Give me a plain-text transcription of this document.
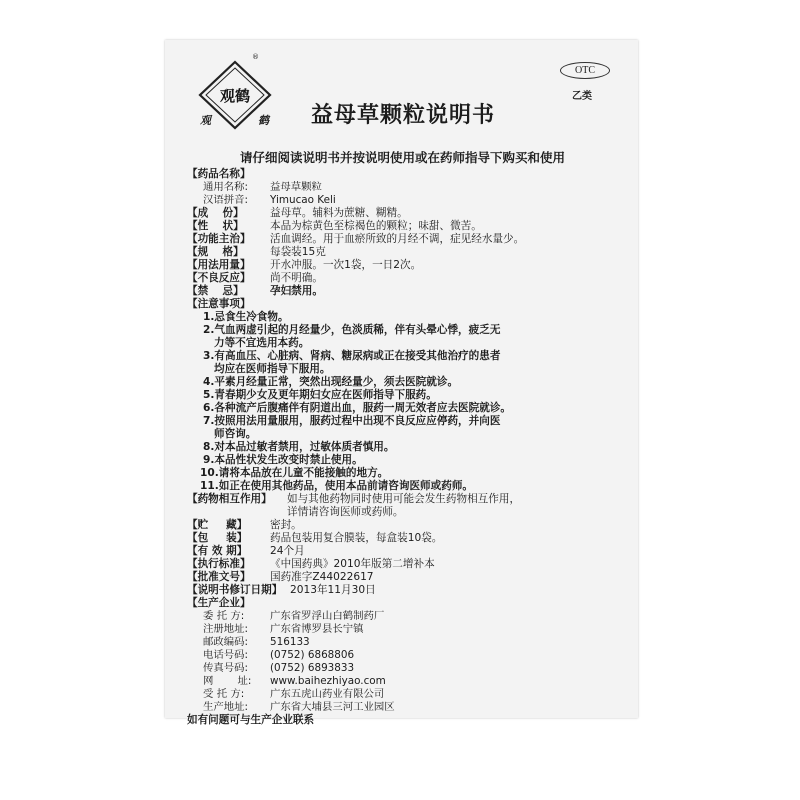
观鹤
®
观	鹤
OTC
乙类
益母草颗粒说明书
请仔细阅读说明书并按说明使用或在药师指导下购买和使用
【药品名称】
通用名称: 益母草颗粒
汉语拼音: Yimucao Keli
【成 　份】 益母草。辅料为蔗糖、糊精。
【性 　状】 本品为棕黄色至棕褐色的颗粒；味甜、微苦。
【功能主治】 活血调经。用于血瘀所致的月经不调，症见经水量少。
【规 　格】 每袋装15克
【用法用量】 开水冲服。一次1袋，一日2次。
【不良反应】 尚不明确。
【禁 　忌】 孕妇禁用。
【注意事项】
1.忌食生冷食物。
2.气血两虚引起的月经量少，色淡质稀，伴有头晕心悸，疲乏无
力等不宜选用本药。
3.有高血压、心脏病、肾病、糖尿病或正在接受其他治疗的患者
均应在医师指导下服用。
4.平素月经量正常，突然出现经量少，须去医院就诊。
5.青春期少女及更年期妇女应在医师指导下服药。
6.各种流产后腹痛伴有阴道出血，服药一周无效者应去医院就诊。
7.按照用法用量服用，服药过程中出现不良反应应停药，并向医
师咨询。
8.对本品过敏者禁用，过敏体质者慎用。
9.本品性状发生改变时禁止使用。
10.请将本品放在儿童不能接触的地方。
11.如正在使用其他药品，使用本品前请咨询医师或药师。
【药物相互作用】 如与其他药物同时使用可能会发生药物相互作用，
详情请咨询医师或药师。
【贮 　 藏】 密封。
【包 　 装】 药品包装用复合膜装，每盒装10袋。
【有 效 期】 24个月
【执行标准】 《中国药典》2010年版第二增补本
【批准文号】 国药准字Z44022617
【说明书修订日期】 2013年11月30日
【生产企业】
委 托 方: 广东省罗浮山白鹤制药厂
注册地址: 广东省博罗县长宁镇
邮政编码: 516133
电话号码: (0752) 6868806
传真号码: (0752) 6893833
网 　　址: www.baihezhiyao.com
受 托 方: 广东五虎山药业有限公司
生产地址: 广东省大埔县三河工业园区
如有问题可与生产企业联系
